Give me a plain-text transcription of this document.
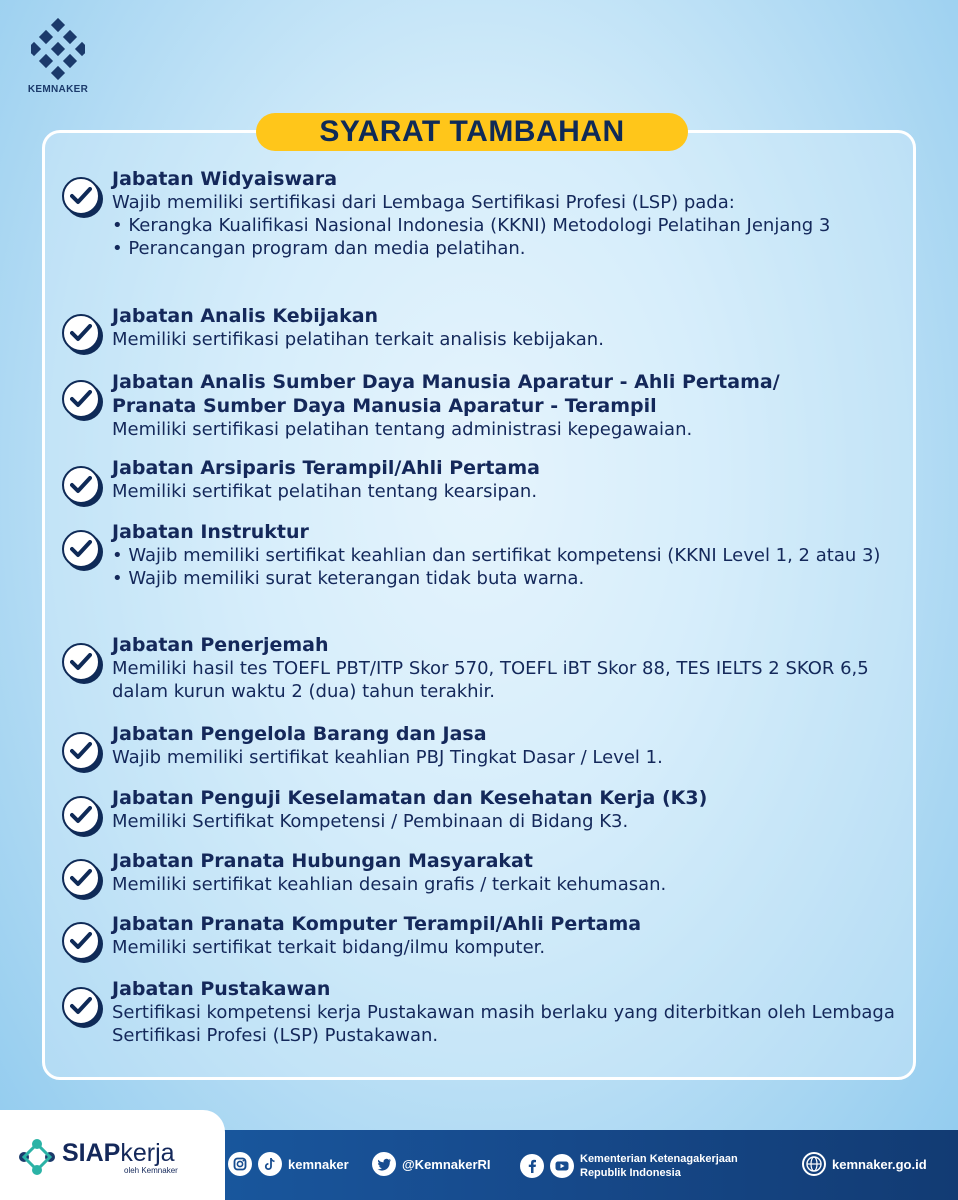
KEMNAKER
SYARAT TAMBAHAN
Jabatan Widyaiswara
Wajib memiliki sertifikasi dari Lembaga Sertifikasi Profesi (LSP) pada:
• Kerangka Kualifikasi Nasional Indonesia (KKNI) Metodologi Pelatihan Jenjang 3
• Perancangan program dan media pelatihan.
Jabatan Analis Kebijakan
Memiliki sertifikasi pelatihan terkait analisis kebijakan.
Jabatan Analis Sumber Daya Manusia Aparatur - Ahli Pertama/
Pranata Sumber Daya Manusia Aparatur - Terampil
Memiliki sertifikasi pelatihan tentang administrasi kepegawaian.
Jabatan Arsiparis Terampil/Ahli Pertama
Memiliki sertifikat pelatihan tentang kearsipan.
Jabatan Instruktur
• Wajib memiliki sertifikat keahlian dan sertifikat kompetensi (KKNI Level 1, 2 atau 3)
• Wajib memiliki surat keterangan tidak buta warna.
Jabatan Penerjemah
Memiliki hasil tes TOEFL PBT/ITP Skor 570, TOEFL iBT Skor 88, TES IELTS 2 SKOR 6,5 dalam kurun waktu 2 (dua) tahun terakhir.
Jabatan Pengelola Barang dan Jasa
Wajib memiliki sertifikat keahlian PBJ Tingkat Dasar / Level 1.
Jabatan Penguji Keselamatan dan Kesehatan Kerja (K3)
Memiliki Sertifikat Kompetensi / Pembinaan di Bidang K3.
Jabatan Pranata Hubungan Masyarakat
Memiliki sertifikat keahlian desain grafis / terkait kehumasan.
Jabatan Pranata Komputer Terampil/Ahli Pertama
Memiliki sertifikat terkait bidang/ilmu komputer.
Jabatan Pustakawan
Sertifikasi kompetensi kerja Pustakawan masih berlaku yang diterbitkan oleh Lembaga Sertifikasi Profesi (LSP) Pustakawan.
SIAPkerja
oleh Kemnaker	kemnaker	@KemnakerRI	Kementerian Ketenagakerjaan
Republik Indonesia
kemnaker.go.id
